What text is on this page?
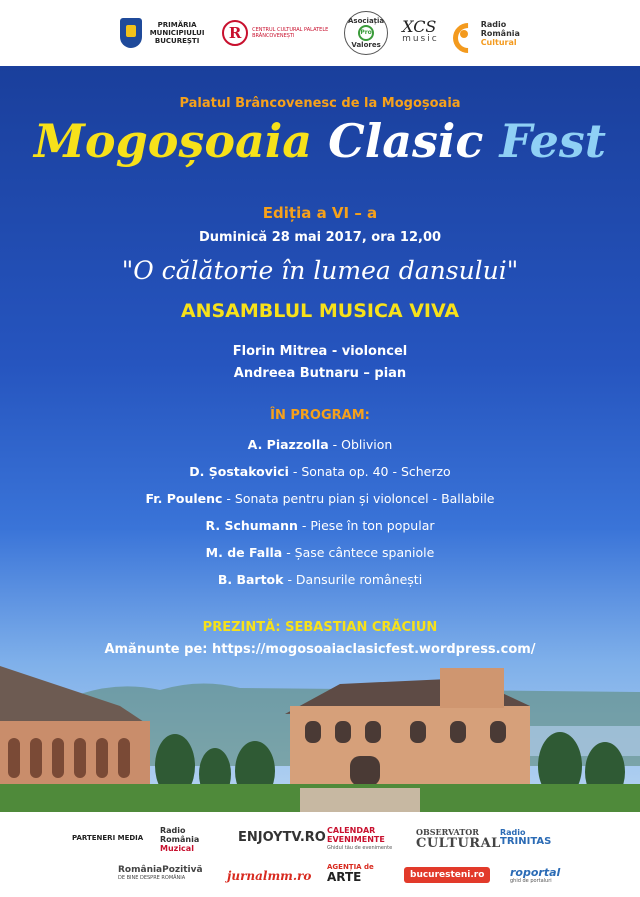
PRIMĂRIA MUNICIPIULUI BUCUREȘTI	R	CENTRUL CULTURAL PALATELE BRÂNCOVENEȘTI
Asociația
Pro
Valores
XCS
music
Radio
România
Cultural
Palatul Brâncovenesc de la Mogoșoaia
Mogoșoaia Clasic Fest
Ediția a VI – a
Duminică 28 mai 2017, ora 12,00
"O călătorie în lumea dansului"
ANSAMBLUL MUSICA VIVA
Florin Mitrea - violoncel
Andreea Butnaru – pian
ÎN PROGRAM:
A. Piazzolla - Oblivion
D. Șostakovici - Sonata op. 40 - Scherzo
Fr. Poulenc - Sonata pentru pian și violoncel - Ballabile
R. Schumann - Piese în ton popular
M. de Falla - Șase cântece spaniole
B. Bartok - Dansurile românești
PREZINTĂ: SEBASTIAN CRĂCIUN
Amănunte pe: https://mogosoaiaclasicfest.wordpress.com/
PARTENERI MEDIA
Radio
România
Muzical
ENJOYTV.RO CALENDAR
EVENIMENTE
Ghidul tău de evenimente
OBSERVATOR
CULTURAL
Radio
TRINITAS
RomâniaPozitivă
DE BINE DESPRE ROMÂNIA	jurnalmm.ro
AGENȚIA de
ARTE	bucuresteni.ro	roportal
ghid de portaluri
